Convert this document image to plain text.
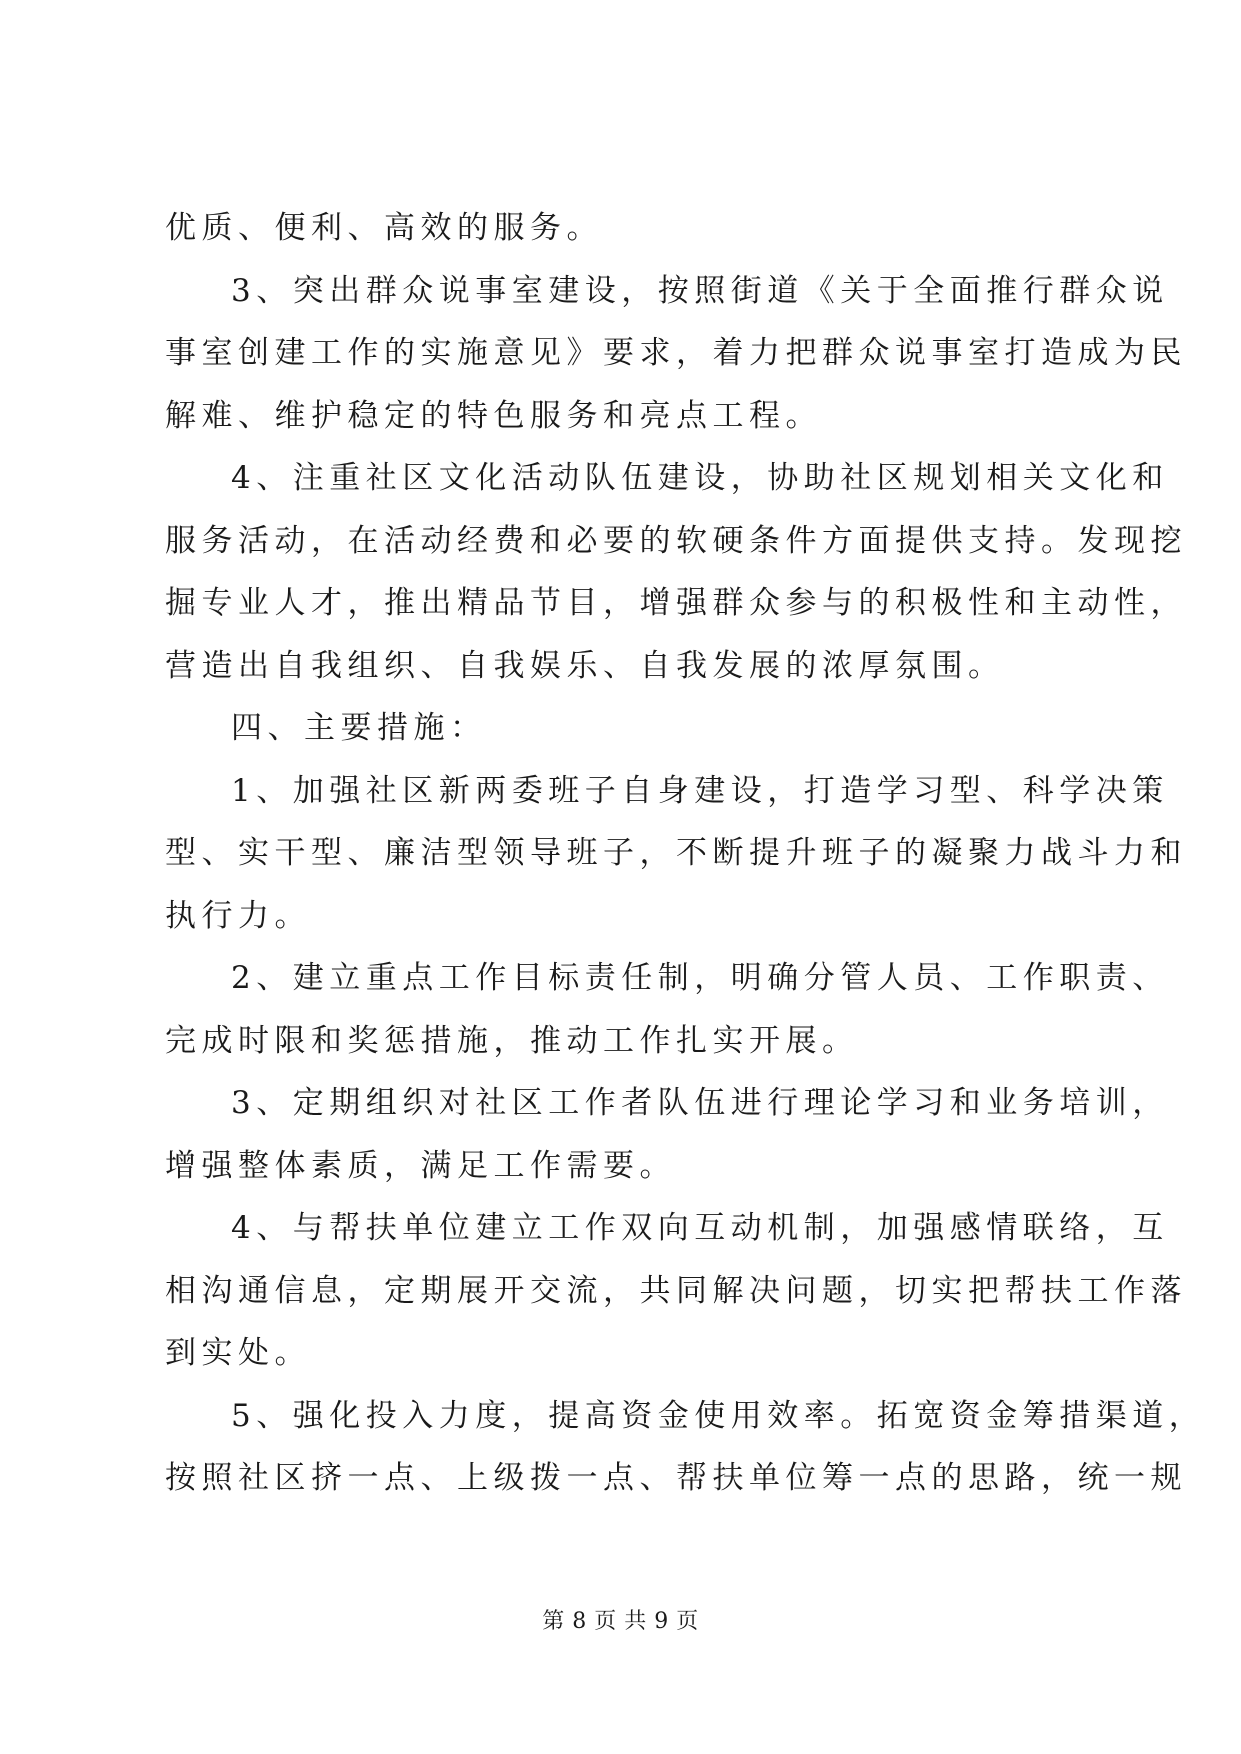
优质、便利、高效的服务。

3、突出群众说事室建设，按照街道《关于全面推行群众说

事室创建工作的实施意见》要求，着力把群众说事室打造成为民

解难、维护稳定的特色服务和亮点工程。

4、注重社区文化活动队伍建设，协助社区规划相关文化和

服务活动，在活动经费和必要的软硬条件方面提供支持。发现挖

掘专业人才，推出精品节目，增强群众参与的积极性和主动性，

营造出自我组织、自我娱乐、自我发展的浓厚氛围。

四、主要措施：

1、加强社区新两委班子自身建设，打造学习型、科学决策

型、实干型、廉洁型领导班子，不断提升班子的凝聚力战斗力和

执行力。

2、建立重点工作目标责任制，明确分管人员、工作职责、

完成时限和奖惩措施，推动工作扎实开展。

3、定期组织对社区工作者队伍进行理论学习和业务培训，

增强整体素质，满足工作需要。

4、与帮扶单位建立工作双向互动机制，加强感情联络，互

相沟通信息，定期展开交流，共同解决问题，切实把帮扶工作落

到实处。

5、强化投入力度，提高资金使用效率。拓宽资金筹措渠道，

按照社区挤一点、上级拨一点、帮扶单位筹一点的思路，统一规

第 8 页 共 9 页
